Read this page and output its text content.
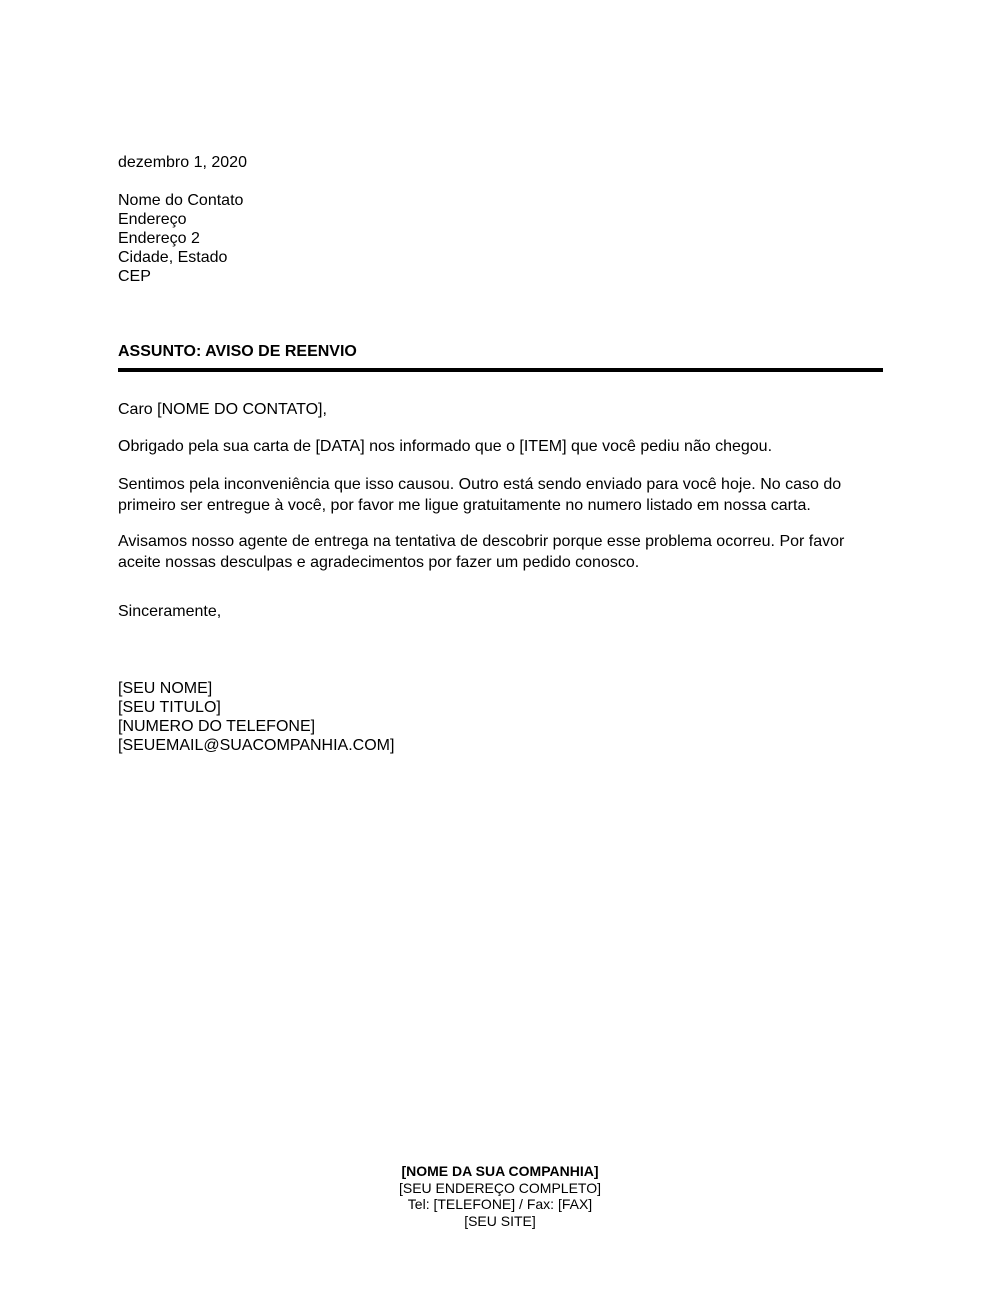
dezembro 1, 2020
Nome do Contato
Endereço
Endereço 2
Cidade, Estado
CEP
ASSUNTO: AVISO DE REENVIO

Caro [NOME DO CONTATO],

Obrigado pela sua carta de [DATA] nos informado que o [ITEM] que você pediu não chegou.

Sentimos pela inconveniência que isso causou. Outro está sendo enviado para você hoje. No caso do primeiro ser entregue à você, por favor me ligue gratuitamente no numero listado em nossa carta.

Avisamos nosso agente de entrega na tentativa de descobrir porque esse problema ocorreu. Por favor aceite nossas desculpas e agradecimentos por fazer um pedido conosco.

Sinceramente,

[SEU NOME]
[SEU TITULO]
[NUMERO DO TELEFONE]
[SEUEMAIL@SUACOMPANHIA.COM]
[NOME DA SUA COMPANHIA]
[SEU ENDEREÇO COMPLETO]
Tel: [TELEFONE] / Fax: [FAX]
[SEU SITE]
